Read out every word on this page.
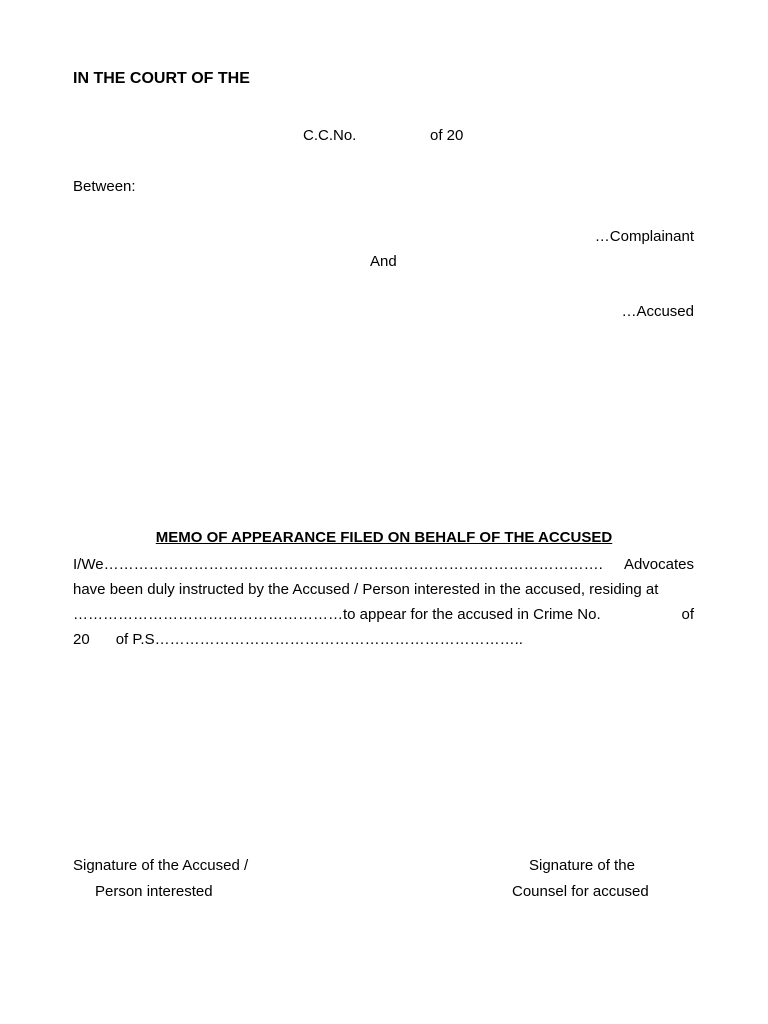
IN THE COURT OF THE
C.C.No.	of 20
Between:
…Complainant
And
…Accused
MEMO OF APPEARANCE FILED ON BEHALF OF THE ACCUSED
I/We………………………………………………………………………………………. Advocates
have been duly instructed by the Accused / Person interested in the accused, residing at
………………………………………………to appear for the accused in Crime No.	of
20 of P.S………………………………………………………………..
Signature of the Accused /
Person interested
Signature of the
Counsel for accused
